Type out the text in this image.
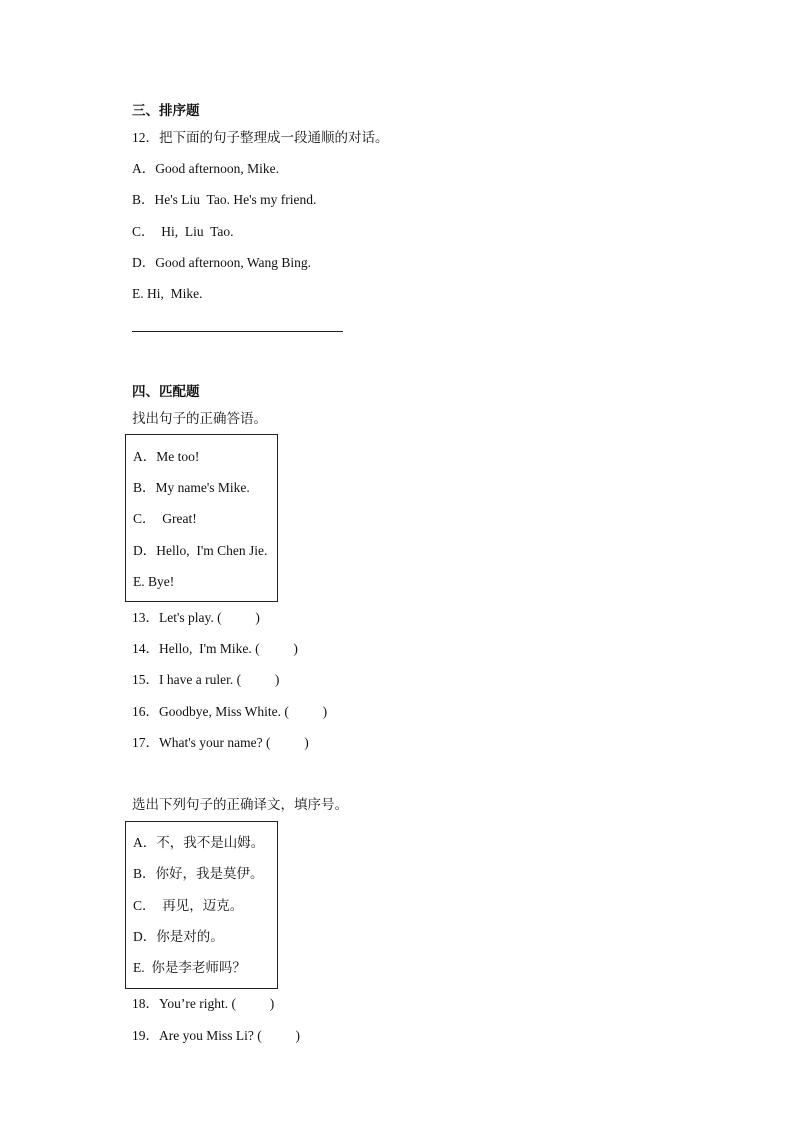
三、排序题
12．把下面的句子整理成一段通顺的对话。
A．Good afternoon, Mike.
B．He's Liu  Tao. He's my friend.
C．  Hi,  Liu  Tao.
D．Good afternoon, Wang Bing.
E. Hi,  Mike.
四、匹配题
找出句子的正确答语。
A．Me too!
B．My name's Mike.
C．  Great!
D．Hello,  I'm Chen Jie.
E. Bye!
13．Let's play. (          )
14．Hello,  I'm Mike. (          )
15．I have a ruler. (          )
16．Goodbye, Miss White. (          )
17．What's your name? (          )
选出下列句子的正确译文，填序号。
A．不，我不是山姆。
B．你好，我是莫伊。
C．  再见，迈克。
D．你是对的。
E.  你是李老师吗？
18．You’re right. (          )
19．Are you Miss Li? (          )
